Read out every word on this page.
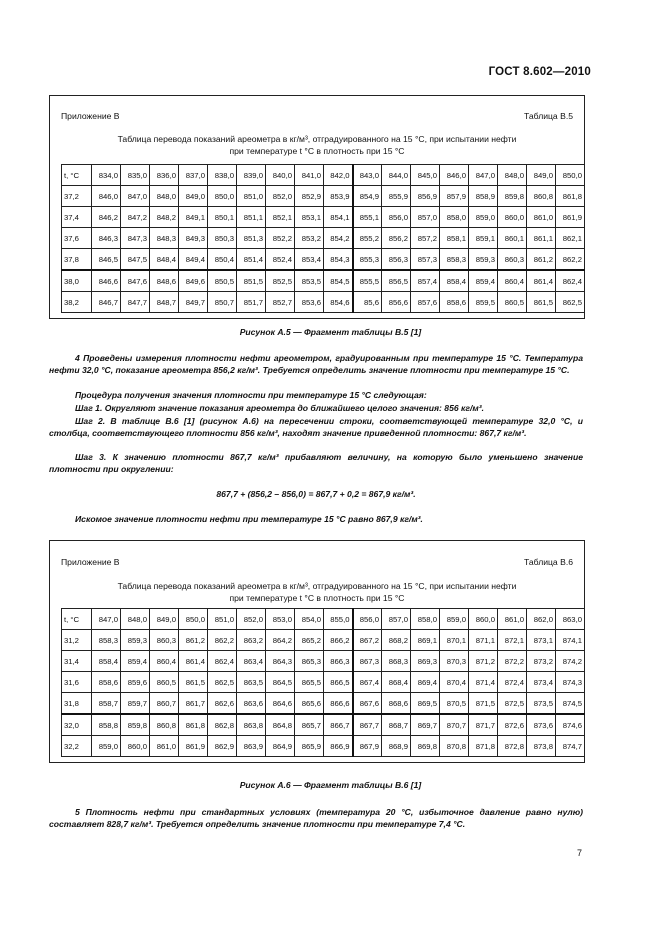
ГОСТ 8.602—2010
Приложение В	Таблица В.5
Таблица перевода показаний ареометра в кг/м³, отградуированного на 15 °C, при испытании нефти
при температуре t °C в плотность при 15 °C
t, °C	834,0	835,0	836,0	837,0	838,0	839,0	840,0	841,0	842,0	843,0	844,0	845,0	846,0	847,0	848,0	849,0	850,0
37,2	846,0	847,0	848,0	849,0	850,0	851,0	852,0	852,9	853,9	854,9	855,9	856,9	857,9	858,9	859,8	860,8	861,8
37,4	846,2	847,2	848,2	849,1	850,1	851,1	852,1	853,1	854,1	855,1	856,0	857,0	858,0	859,0	860,0	861,0	861,9
37,6	846,3	847,3	848,3	849,3	850,3	851,3	852,2	853,2	854,2	855,2	856,2	857,2	858,1	859,1	860,1	861,1	862,1
37,8	846,5	847,5	848,4	849,4	850,4	851,4	852,4	853,4	854,3	855,3	856,3	857,3	858,3	859,3	860,3	861,2	862,2
38,0	846,6	847,6	848,6	849,6	850,5	851,5	852,5	853,5	854,5	855,5	856,5	857,4	858,4	859,4	860,4	861,4	862,4
38,2	846,7	847,7	848,7	849,7	850,7	851,7	852,7	853,6	854,6	85,6	856,6	857,6	858,6	859,5	860,5	861,5	862,5
Рисунок А.5 — Фрагмент таблицы В.5 [1]
4 Проведены измерения плотности нефти ареометром, градуированным при температуре 15 °С. Температура нефти 32,0 °С, показание ареометра 856,2 кг/м³. Требуется определить значение плотности при температуре 15 °С.
Процедура получения значения плотности при температуре 15 °С следующая:
Шаг 1. Округляют значение показания ареометра до ближайшего целого значения: 856 кг/м³.
Шаг 2. В таблице В.6 [1] (рисунок А.6) на пересечении строки, соответствующей температуре 32,0 °С, и столбца, соответствующего плотности 856 кг/м³, находят значение приведенной плотности: 867,7 кг/м³.
Шаг 3. К значению плотности 867,7 кг/м³ прибавляют величину, на которую было уменьшено значение плотности при округлении:
867,7 + (856,2 – 856,0) = 867,7 + 0,2 = 867,9 кг/м³.
Искомое значение плотности нефти при температуре 15 °С равно 867,9 кг/м³.
Приложение В	Таблица В.6
Таблица перевода показаний ареометра в кг/м³, отградуированного на 15 °C, при испытании нефти
при температуре t °C в плотность при 15 °C
t, °C	847,0	848,0	849,0	850,0	851,0	852,0	853,0	854,0	855,0	856,0	857,0	858,0	859,0	860,0	861,0	862,0	863,0
31,2	858,3	859,3	860,3	861,2	862,2	863,2	864,2	865,2	866,2	867,2	868,2	869,1	870,1	871,1	872,1	873,1	874,1
31,4	858,4	859,4	860,4	861,4	862,4	863,4	864,3	865,3	866,3	867,3	868,3	869,3	870,3	871,2	872,2	873,2	874,2
31,6	858,6	859,6	860,5	861,5	862,5	863,5	864,5	865,5	866,5	867,4	868,4	869,4	870,4	871,4	872,4	873,4	874,3
31,8	858,7	859,7	860,7	861,7	862,6	863,6	864,6	865,6	866,6	867,6	868,6	869,5	870,5	871,5	872,5	873,5	874,5
32,0	858,8	859,8	860,8	861,8	862,8	863,8	864,8	865,7	866,7	867,7	868,7	869,7	870,7	871,7	872,6	873,6	874,6
32,2	859,0	860,0	861,0	861,9	862,9	863,9	864,9	865,9	866,9	867,9	868,9	869,8	870,8	871,8	872,8	873,8	874,7
Рисунок А.6 — Фрагмент таблицы В.6 [1]
5 Плотность нефти при стандартных условиях (температура 20 °С, избыточное давление равно нулю) составляет 828,7 кг/м³. Требуется определить значение плотности при температуре 7,4 °С.
7
